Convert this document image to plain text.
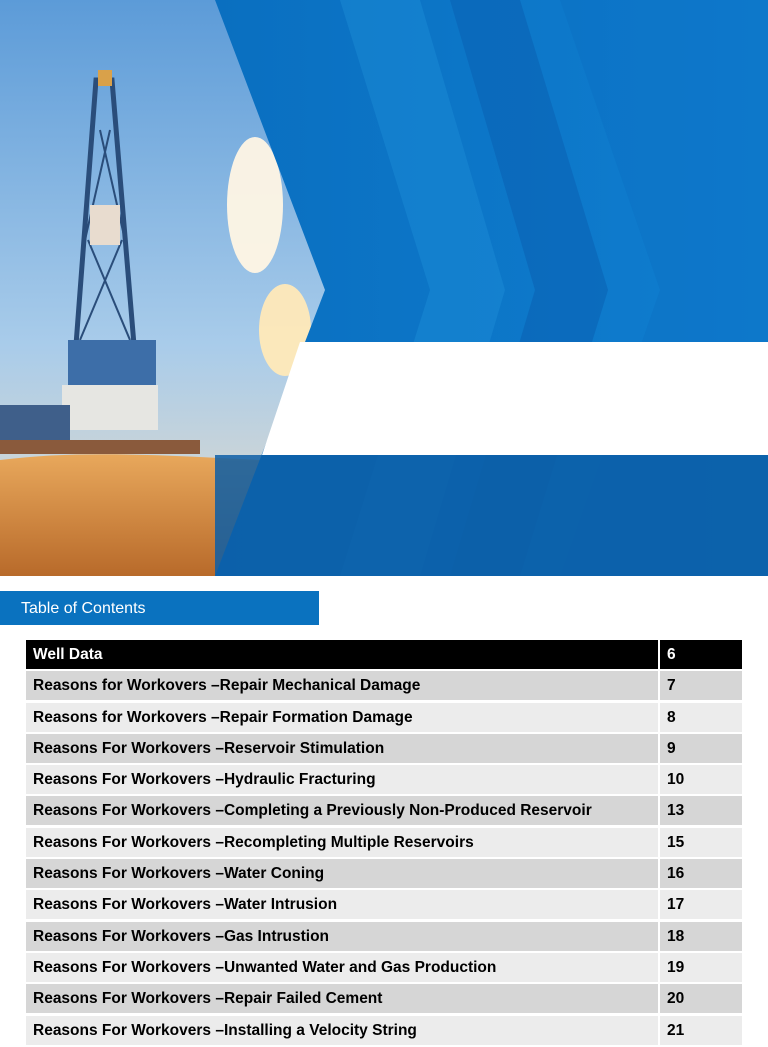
Table of Contents
Well Data	6
Reasons for Workovers –Repair Mechanical Damage	7
Reasons for Workovers –Repair Formation Damage	8
Reasons For Workovers –Reservoir Stimulation	9
Reasons For Workovers –Hydraulic Fracturing	10
Reasons For Workovers –Completing a Previously Non-Produced Reservoir	13
Reasons For Workovers –Recompleting Multiple Reservoirs	15
Reasons For Workovers –Water Coning	16
Reasons For Workovers –Water Intrusion	17
Reasons For Workovers –Gas Intrustion	18
Reasons For Workovers –Unwanted Water and Gas Production	19
Reasons For Workovers –Repair Failed Cement	20
Reasons For Workovers –Installing a Velocity String	21
